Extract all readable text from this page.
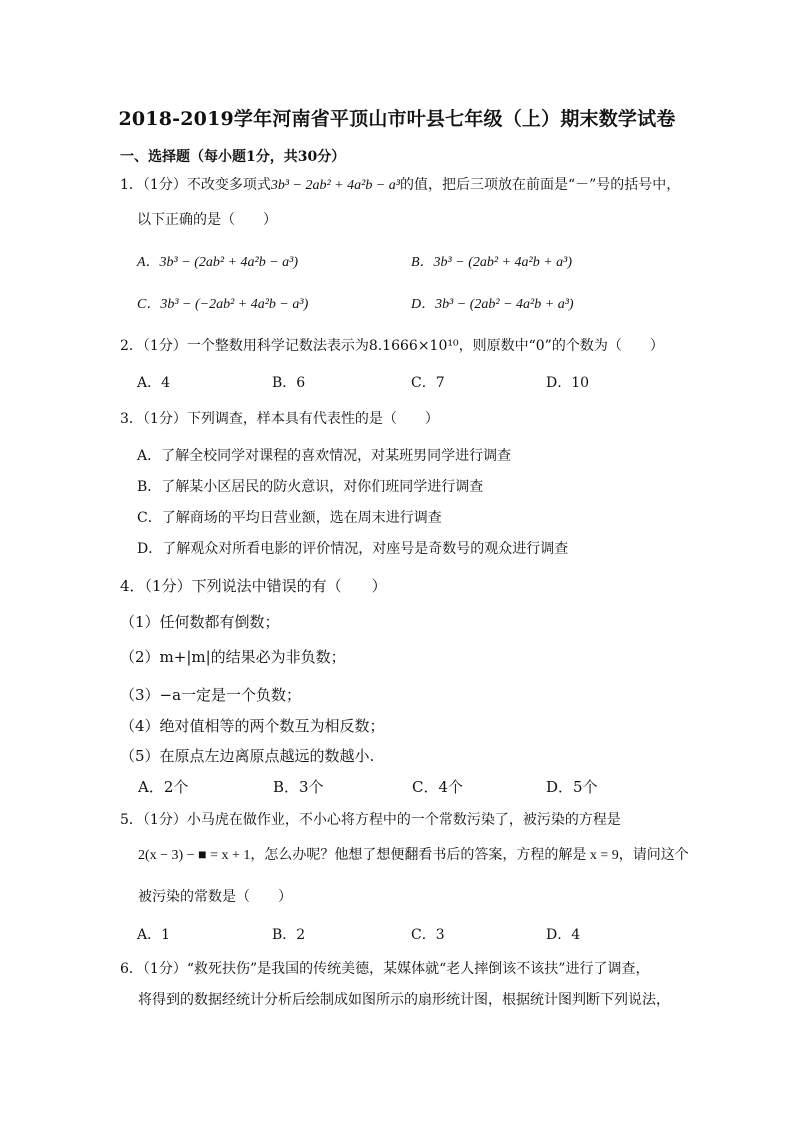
2018-2019学年河南省平顶山市叶县七年级（上）期末数学试卷
一、选择题（每小题1分，共30分）
1．（1分）不改变多项式3b³ − 2ab² + 4a²b − a³的值，把后三项放在前面是“－”号的括号中，
以下正确的是（　　）
A．3b³ − (2ab² + 4a²b − a³)	B．3b³ − (2ab² + 4a²b + a³)
C．3b³ − (−2ab² + 4a²b − a³)	D．3b³ − (2ab² − 4a²b + a³)
2．（1分）一个整数用科学记数法表示为8.1666×10¹⁰，则原数中“0”的个数为（　　）
A．4	B．6	C．7	D．10
3．（1分）下列调查，样本具有代表性的是（　　）
A．了解全校同学对课程的喜欢情况，对某班男同学进行调查
B．了解某小区居民的防火意识，对你们班同学进行调查
C．了解商场的平均日营业额，选在周末进行调查
D．了解观众对所看电影的评价情况，对座号是奇数号的观众进行调查
4．（1分）下列说法中错误的有（　　）
（1）任何数都有倒数；
（2）m+|m|的结果必为非负数；
（3）−a一定是一个负数；
（4）绝对值相等的两个数互为相反数；
（5）在原点左边离原点越远的数越小.
A．2个	B．3个	C．4个	D．5个
5．（1分）小马虎在做作业，不小心将方程中的一个常数污染了，被污染的方程是
2(x − 3) − ■ = x + 1，怎么办呢？他想了想便翻看书后的答案，方程的解是 x = 9，请问这个
被污染的常数是（　　）
A．1	B．2	C．3	D．4
6．（1分）“救死扶伤”是我国的传统美德，某媒体就“老人摔倒该不该扶”进行了调查，
将得到的数据经统计分析后绘制成如图所示的扇形统计图，根据统计图判断下列说法，
